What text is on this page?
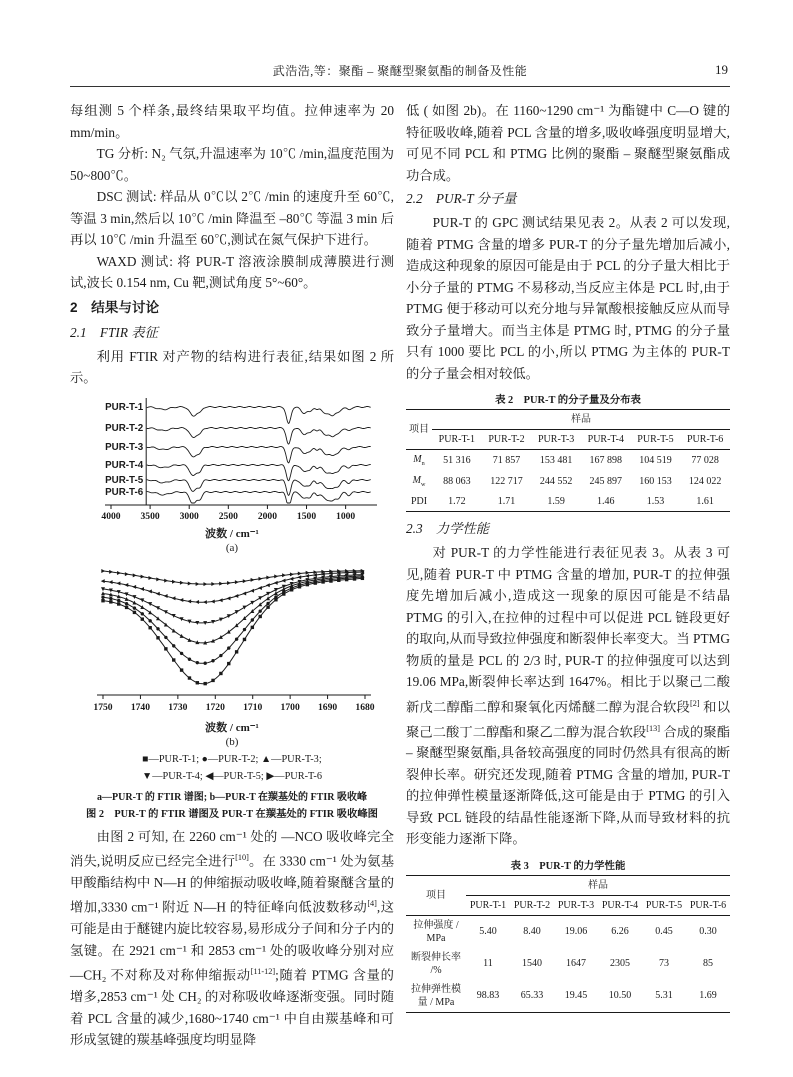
武浩浩,等：聚酯 – 聚醚型聚氨酯的制备及性能	19

每组测 5 个样条,最终结果取平均值。拉伸速率为 20 mm/min。

TG 分析: N₂ 气氛,升温速率为 10℃ /min,温度范围为 50~800℃。

DSC 测试: 样品从 0℃以 2℃ /min 的速度升至 60℃,等温 3 min,然后以 10℃ /min 降温至 –80℃ 等温 3 min 后再以 10℃ /min 升温至 60℃,测试在氮气保护下进行。

WAXD 测试: 将 PUR-T 溶液涂膜制成薄膜进行测试,波长 0.154 nm, Cu 靶,测试角度 5°~60°。

2　结果与讨论
2.1　FTIR 表征

利用 FTIR 对产物的结构进行表征,结果如图 2 所示。

4000 3500 3000 2500 2000 1500 1000
PUR-T-1
PUR-T-2
PUR-T-3
PUR-T-4
PUR-T-5
PUR-T-6
波数 / cm⁻¹
(a)
1750 1740 1730 1720 1710 1700 1690 1680
波数 / cm⁻¹
(b)
■—PUR-T-1; ●—PUR-T-2; ▲—PUR-T-3;
▼—PUR-T-4; ◀—PUR-T-5; ▶—PUR-T-6
a—PUR-T 的 FTIR 谱图; b—PUR-T 在羰基处的 FTIR 吸收峰
图 2　PUR-T 的 FTIR 谱图及 PUR-T 在羰基处的 FTIR 吸收峰图

由图 2 可知, 在 2260 cm⁻¹ 处的 —NCO 吸收峰完全消失,说明反应已经完全进行[10]。在 3330 cm⁻¹ 处为氨基甲酸酯结构中 N—H 的伸缩振动吸收峰,随着聚醚含量的增加,3330 cm⁻¹ 附近 N—H 的特征峰向低波数移动[4],这可能是由于醚键内旋比较容易,易形成分子间和分子内的氢键。在 2921 cm⁻¹ 和 2853 cm⁻¹ 处的吸收峰分别对应—CH₂ 不对称及对称伸缩振动[11-12];随着 PTMG 含量的增多,2853 cm⁻¹ 处 CH₂ 的对称吸收峰逐渐变强。同时随着 PCL 含量的减少,1680~1740 cm⁻¹ 中自由羰基峰和可形成氢键的羰基峰强度均明显降

低 ( 如图 2b)。在 1160~1290 cm⁻¹ 为酯键中 C—O 键的特征吸收峰,随着 PCL 含量的增多,吸收峰强度明显增大,可见不同 PCL 和 PTMG 比例的聚酯 – 聚醚型聚氨酯成功合成。

2.2　PUR-T 分子量

PUR-T 的 GPC 测试结果见表 2。从表 2 可以发现,随着 PTMG 含量的增多 PUR-T 的分子量先增加后减小,造成这种现象的原因可能是由于 PCL 的分子量大相比于小分子量的 PTMG 不易移动,当反应主体是 PCL 时,由于 PTMG 便于移动可以充分地与异氰酸根接触反应从而导致分子量增大。而当主体是 PTMG 时, PTMG 的分子量只有 1000 要比 PCL 的小,所以 PTMG 为主体的 PUR-T 的分子量会相对较低。

表 2　PUR-T 的分子量及分布表
项目	样品					
	PUR-T-1	PUR-T-2	PUR-T-3	PUR-T-4	PUR-T-5	PUR-T-6
$M_n$	51 316	71 857	153 481	167 898	104 519	77 028
$M_w$	88 063	122 717	244 552	245 897	160 153	124 022
PDI	1.72	1.71	1.59	1.46	1.53	1.61
2.3　力学性能

对 PUR-T 的力学性能进行表征见表 3。从表 3 可见,随着 PUR-T 中 PTMG 含量的增加, PUR-T 的拉伸强度先增加后减小,造成这一现象的原因可能是不结晶 PTMG 的引入,在拉伸的过程中可以促进 PCL 链段更好的取向,从而导致拉伸强度和断裂伸长率变大。当 PTMG 物质的量是 PCL 的 2/3 时, PUR-T 的拉伸强度可以达到 19.06 MPa,断裂伸长率达到 1647%。相比于以聚己二酸新戊二醇酯二醇和聚氧化丙烯醚二醇为混合软段[2] 和以聚己二酸丁二醇酯和聚乙二醇为混合软段[13] 合成的聚酯 – 聚醚型聚氨酯,具备较高强度的同时仍然具有很高的断裂伸长率。研究还发现,随着 PTMG 含量的增加, PUR-T 的拉伸弹性模量逐渐降低,这可能是由于 PTMG 的引入导致 PCL 链段的结晶性能逐渐下降,从而导致材料的抗形变能力逐渐下降。

表 3　PUR-T 的力学性能
项目	样品					
	PUR-T-1	PUR-T-2	PUR-T-3	PUR-T-4	PUR-T-5	PUR-T-6
拉伸强度 / MPa	5.40	8.40	19.06	6.26	0.45	0.30
断裂伸长率 /%	11	1540	1647	2305	73	85
拉伸弹性模量 / MPa	98.83	65.33	19.45	10.50	5.31	1.69
